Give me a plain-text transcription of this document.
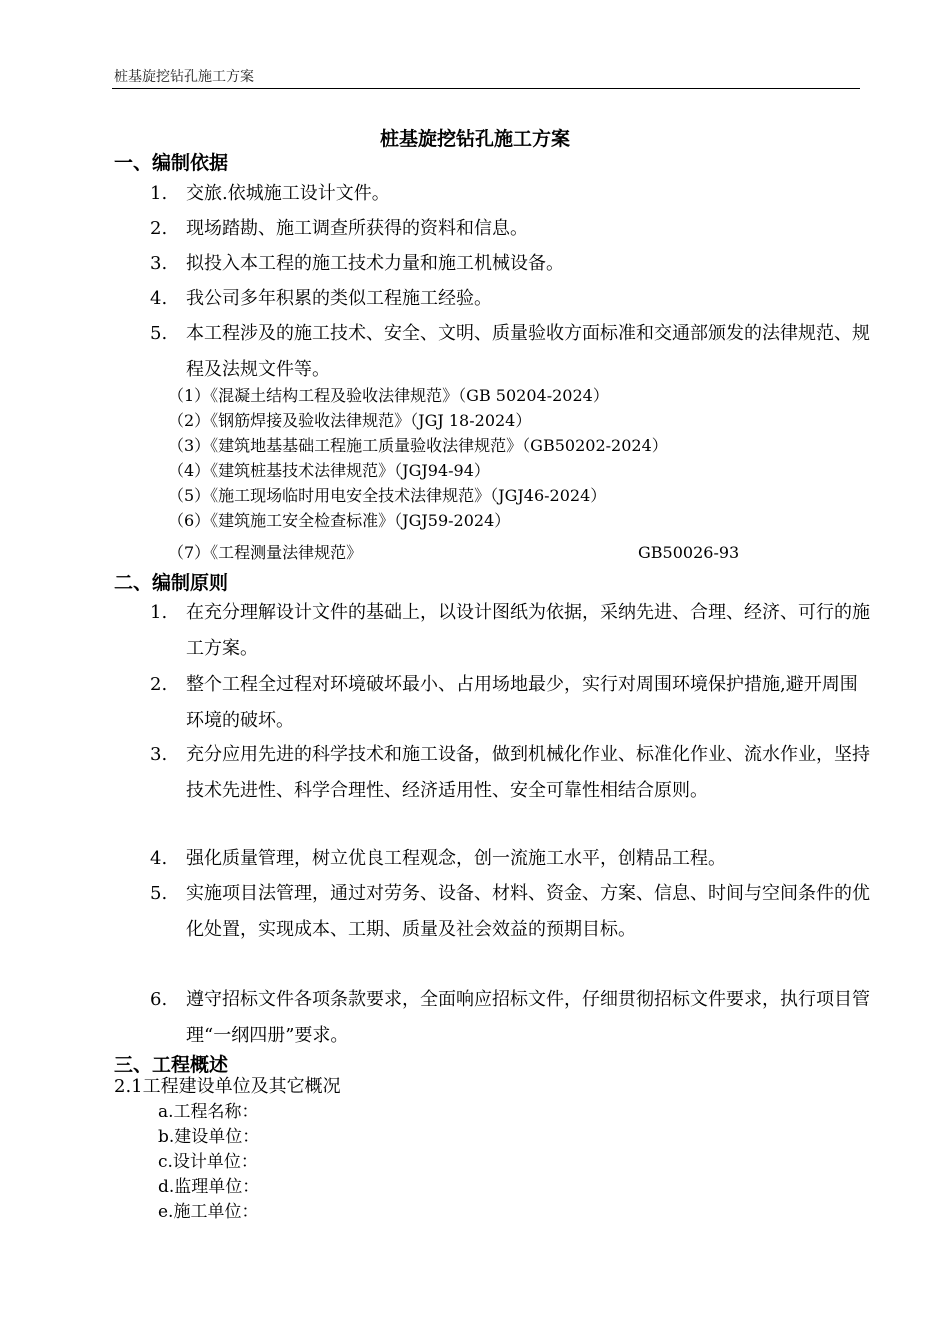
桩基旋挖钻孔施工方案
桩基旋挖钻孔施工方案
一、编制依据
1. 交旅.依城施工设计文件。
2. 现场踏勘、施工调查所获得的资料和信息。
3. 拟投入本工程的施工技术力量和施工机械设备。
4. 我公司多年积累的类似工程施工经验。
5. 本工程涉及的施工技术、安全、文明、质量验收方面标准和交通部颁发的法律规范、规程及法规文件等。
（1）《混凝土结构工程及验收法律规范》（GB 50204-2024）
（2）《钢筋焊接及验收法律规范》（JGJ 18-2024）
（3）《建筑地基基础工程施工质量验收法律规范》（GB50202-2024）
（4）《建筑桩基技术法律规范》（JGJ94-94）
（5）《施工现场临时用电安全技术法律规范》（JGJ46-2024）
（6）《建筑施工安全检查标准》（JGJ59-2024）
（7）《工程测量法律规范》	GB50026-93
二、编制原则
1. 在充分理解设计文件的基础上，以设计图纸为依据，采纳先进、合理、经济、可行的施工方案。
2. 整个工程全过程对环境破坏最小、占用场地最少，实行对周围环境保护措施,避开周围环境的破坏。
3. 充分应用先进的科学技术和施工设备，做到机械化作业、标准化作业、流水作业，坚持技术先进性、科学合理性、经济适用性、安全可靠性相结合原则。
4. 强化质量管理，树立优良工程观念，创一流施工水平，创精品工程。
5. 实施项目法管理，通过对劳务、设备、材料、资金、方案、信息、时间与空间条件的优化处置，实现成本、工期、质量及社会效益的预期目标。
6. 遵守招标文件各项条款要求，全面响应招标文件，仔细贯彻招标文件要求，执行项目管理“一纲四册”要求。
三、工程概述
2.1工程建设单位及其它概况
a.工程名称：
b.建设单位：
c.设计单位：
d.监理单位：
e.施工单位：
